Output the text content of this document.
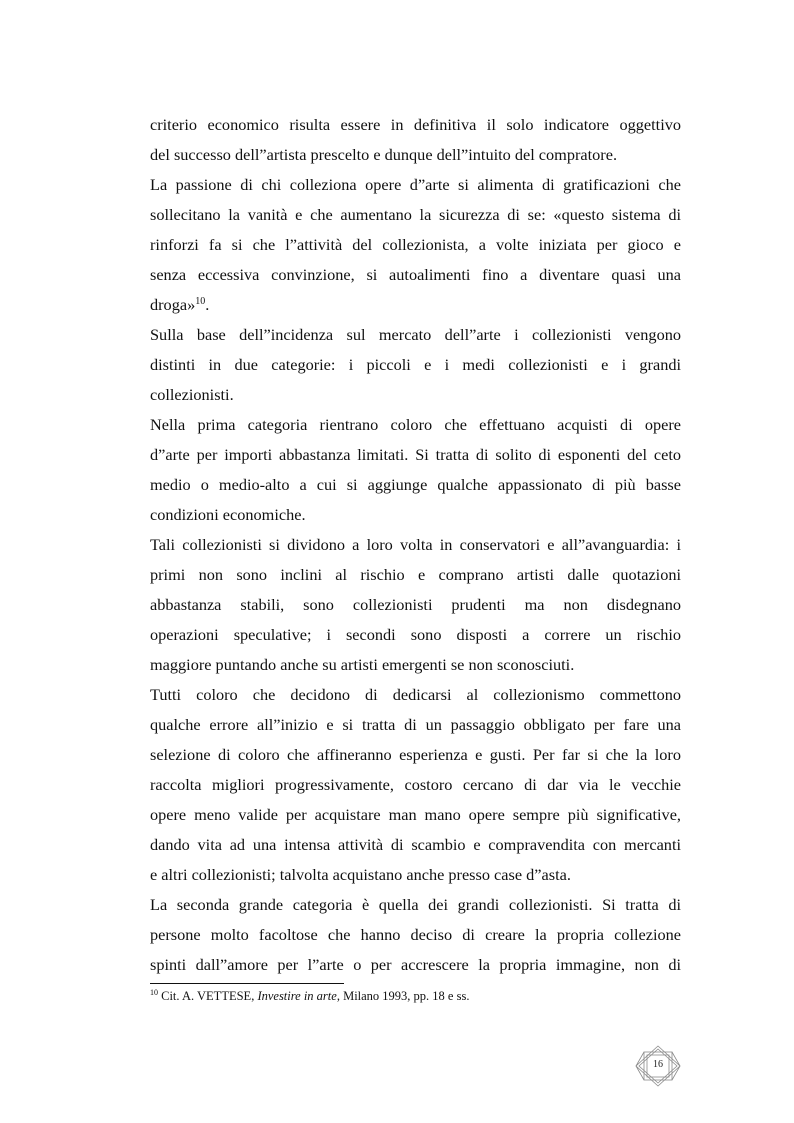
criterio economico risulta essere in definitiva il solo indicatore oggettivo
del successo dell”artista prescelto e dunque dell”intuito del compratore.
La passione di chi colleziona opere d”arte si alimenta di gratificazioni che
sollecitano la vanità e che aumentano la sicurezza di se: «questo sistema di
rinforzi fa si che l”attività del collezionista, a volte iniziata per gioco e
senza eccessiva convinzione, si autoalimenti fino a diventare quasi una
droga»$^{10}$.
Sulla base dell”incidenza sul mercato dell”arte i collezionisti vengono
distinti in due categorie: i piccoli e i medi collezionisti e i grandi
collezionisti.
Nella prima categoria rientrano coloro che effettuano acquisti di opere
d”arte per importi abbastanza limitati. Si tratta di solito di esponenti del ceto
medio o medio-alto a cui si aggiunge qualche appassionato di più basse
condizioni economiche.
Tali collezionisti si dividono a loro volta in conservatori e all”avanguardia: i
primi non sono inclini al rischio e comprano artisti dalle quotazioni
abbastanza stabili, sono collezionisti prudenti ma non disdegnano
operazioni speculative; i secondi sono disposti a correre un rischio
maggiore puntando anche su artisti emergenti se non sconosciuti.
Tutti coloro che decidono di dedicarsi al collezionismo commettono
qualche errore all”inizio e si tratta di un passaggio obbligato per fare una
selezione di coloro che affineranno esperienza e gusti. Per far si che la loro
raccolta migliori progressivamente, costoro cercano di dar via le vecchie
opere meno valide per acquistare man mano opere sempre più significative,
dando vita ad una intensa attività di scambio e compravendita con mercanti
e altri collezionisti; talvolta acquistano anche presso case d”asta.
La seconda grande categoria è quella dei grandi collezionisti. Si tratta di
persone molto facoltose che hanno deciso di creare la propria collezione
spinti dall”amore per l”arte o per accrescere la propria immagine, non di
$^{10}$ Cit. A. VETTESE, Investire in arte, Milano 1993, pp. 18 e ss.
16
